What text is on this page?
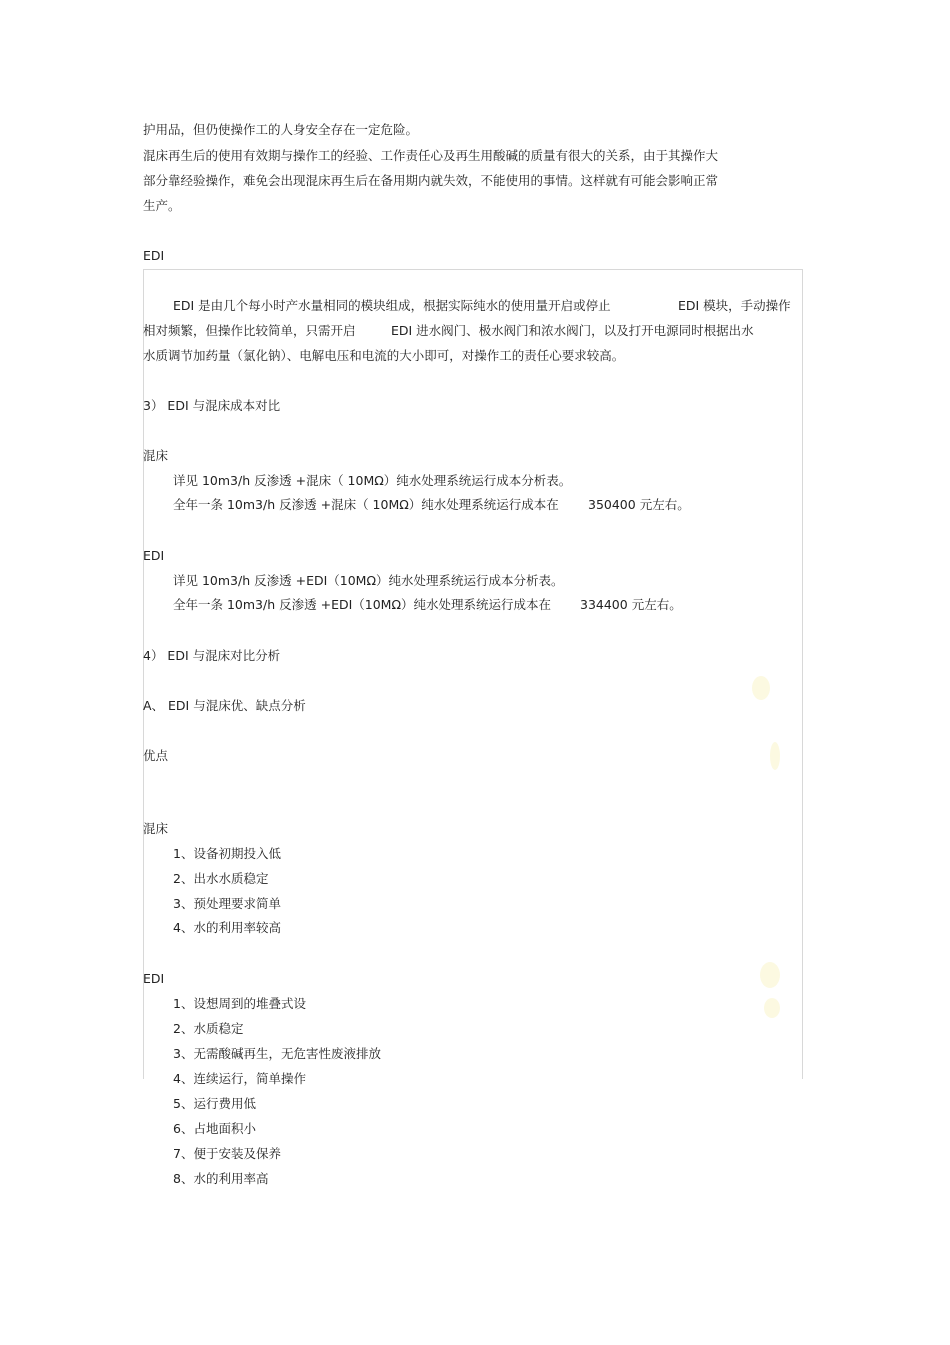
护用品，但仍使操作工的人身安全存在一定危险。
混床再生后的使用有效期与操作工的经验、工作责任心及再生用酸碱的质量有很大的关系，由于其操作大
部分靠经验操作，难免会出现混床再生后在备用期内就失效，不能使用的事情。这样就有可能会影响正常
生产。
EDI
EDI 是由几个每小时产水量相同的模块组成，根据实际纯水的使用量开启或停止	EDI 模块，手动操作
相对频繁，但操作比较简单，只需开启	EDI 进水阀门、极水阀门和浓水阀门，以及打开电源同时根据出水
水质调节加药量（氯化钠）、电解电压和电流的大小即可，对操作工的责任心要求较高。
3） EDI 与混床成本对比
混床
详见 10m3/h 反渗透 +混床（ 10MΩ）纯水处理系统运行成本分析表。
全年一条 10m3/h 反渗透 +混床（ 10MΩ）纯水处理系统运行成本在 350400 元左右。
EDI
详见 10m3/h 反渗透 +EDI（10MΩ）纯水处理系统运行成本分析表。
全年一条 10m3/h 反渗透 +EDI（10MΩ）纯水处理系统运行成本在 334400 元左右。
4） EDI 与混床对比分析
A、 EDI 与混床优、缺点分析
优点
混床
1、设备初期投入低
2、出水水质稳定
3、预处理要求简单
4、水的利用率较高
EDI
1、设想周到的堆叠式设
2、水质稳定
3、无需酸碱再生，无危害性废液排放
4、连续运行，简单操作
5、运行费用低
6、占地面积小
7、便于安装及保养
8、水的利用率高
